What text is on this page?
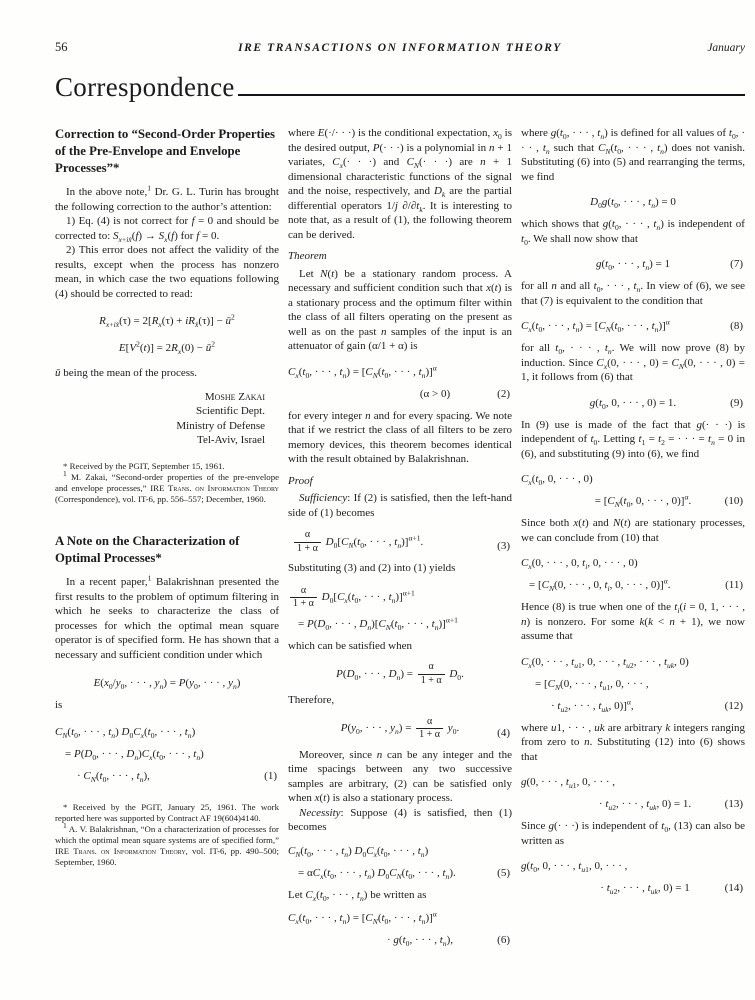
56	IRE TRANSACTIONS ON INFORMATION THEORY	January
Correspondence
Correction to “Second-Order Properties of the Pre-Envelope and Envelope Processes”*

In the above note,$^1$ Dr. G. L. Turin has brought the following correction to the author’s attention:

1) Eq. (4) is not correct for f = 0 and should be corrected to: $S_{x+ix̂}(f) \to S_x(f)$ for f = 0.

2) This error does not affect the validity of the results, except when the process has nonzero mean, in which case the two equations following (4) should be corrected to read:

$R_{x+ix̂}(\tau) = 2[R_x(\tau) + iR_{x̂}(\tau)]$ − $ū^2$
$E[V^2(t)] = 2R_x(0)$ − $ū^2$

ū being the mean of the process.

Moshe Zakai
Scientific Dept.
Ministry of Defense
Tel-Aviv, Israel
* Received by the PGIT, September 15, 1961.
$^1$ M. Zakai, “Second-order properties of the pre-envelope and envelope processes,” IRE Trans. on Information Theory (Correspondence), vol. IT-6, pp. 556–557; December, 1960.
A Note on the Characterization of Optimal Processes*

In a recent paper,$^1$ Balakrishnan presented the first results to the problem of optimum filtering in which he seeks to characterize the class of processes for which the optimal mean square operator is of specified form. He has shown that a necessary and sufficient condition under which

$E(x_0/y_0$, · · · , $y_n) = P(y_0$, · · · , $y_n$)

is

$C_N(t_0$, · · · , $t_n$) $D_0C_x(t_0$, · · · , $t_n$)
= $P(D_0$, · · · , $D_n)C_x(t_0$, · · · , $t_n$)
· $C_N(t_0$, · · · , $t_n$),	(1)
* Received by the PGIT, January 25, 1961. The work reported here was supported by Contract AF 19(604)4140.
$^1$ A. V. Balakrishnan, “On a characterization of processes for which the optimal mean square systems are of specified form,” IRE Trans. on Information Theory, vol. IT-6, pp. 490–500; September, 1960.

where E(·/· · ·) is the conditional expectation, $x_0$ is the desired output, P(· · ·) is a polynomial in n + 1 variates, $C_x(\cdot$ · ·) and $C_N(\cdot$ · ·) are n + 1 dimensional characteristic functions of the signal and the noise, respectively, and $D_k$ are the partial differential operators 1/j $\partial/\partial t_k$. It is interesting to note that, as a result of (1), the following theorem can be derived.

Theorem

Let N(t) be a stationary random process. A necessary and sufficient condition such that x(t) is a stationary process and the optimum filter within the class of all filters operating on the present as well as on the past n samples of the input is an attenuator of gain (α/1 + α) is

$C_x(t_0$, · · · , $t_n) = [C_N(t_0$, · · · , $t_n)]^\alpha$
(α > 0)	(2)

for every integer n and for every spacing. We note that if we restrict the class of all filters to be zero memory devices, this theorem becomes identical with the result obtained by Balakrishnan.

Proof

Sufficiency: If (2) is satisfied, then the left-hand side of (1) becomes

$\frac{\alpha}{1 + \alpha} D_0[C_N(t_0$, · · · , $t_n)]^{\alpha+1}$.	(3)

Substituting (3) and (2) into (1) yields

$\frac{\alpha}{1 + \alpha} D_0[C_x(t_0$, · · · , $t_n)]^{\alpha+1}$
= $P(D_0$, · · · , $D_n)[C_N(t_0$, · · · , $t_n)]^{\alpha+1}$

which can be satisfied when

$P(D_0$, · · · , $D_n) = \frac{\alpha}{1 + \alpha} D_0$.

Therefore,

$P(y_0$, · · · , $y_n) = \frac{\alpha}{1 + \alpha} y_0$.	(4)

Moreover, since n can be any integer and the time spacings between any two successive samples are arbitrary, (2) can be satisfied only when x(t) is also a stationary process.

Necessity: Suppose (4) is satisfied, then (1) becomes

$C_N(t_0$, · · · , $t_n$) $D_0C_x(t_0$, · · · , $t_n$)
= $\alpha C_x(t_0$, · · · , $t_n$) $D_0C_N(t_0$, · · · , $t_n$).	(5)

Let $C_x(t_0$, · · · , $t_n$) be written as

$C_x(t_0$, · · · , $t_n) = [C_N(t_0$, · · · , $t_n)]^\alpha$
· $g(t_0$, · · · , $t_n$),	(6)

where $g(t_0$, · · · , $t_n$) is defined for all values of $t_0$, · · · , $t_n$ such that $C_N(t_0$, · · · , $t_n$) does not vanish. Substituting (6) into (5) and rearranging the terms, we find

$D_0g(t_0$, · · · , $t_n) = 0$

which shows that $g(t_0$, · · · , $t_n$) is independent of $t_0$. We shall now show that

$g(t_0$, · · · , $t_n) = 1$	(7)

for all n and all $t_0$, · · · , $t_n$. In view of (6), we see that (7) is equivalent to the condition that

$C_x(t_0$, · · · , $t_n) = [C_N(t_0$, · · · , $t_n)]^\alpha$	(8)

for all $t_0$, · · · , $t_n$. We will now prove (8) by induction. Since $C_x(0$, · · · , $0) = C_N(0$, · · · , 0) = 1, it follows from (6) that

$g(t_0$, 0, · · · , 0) = 1.	(9)

In (9) use is made of the fact that g(· · ·) is independent of $t_0$. Letting $t_1 = t_2$ = · · · = $t_n = 0$ in (6), and substituting (9) into (6), we find

$C_x(t_0$, 0, · · · , 0)
= [$C_N(t_0$, 0, · · · , 0)]$^\alpha$.	(10)

Since both x(t) and N(t) are stationary processes, we can conclude from (10) that

$C_x(0$, · · · , 0, $t_i$, 0, · · · , 0)
= [$C_N(0$, · · · , 0, $t_i$, 0, · · · , 0)]$^\alpha$.	(11)

Hence (8) is true when one of the $t_i(i = 0$, 1, · · · , n) is nonzero. For some k(k < n + 1), we now assume that

$C_x(0$, · · · , $t_{u1}$, 0, · · · , $t_{u2}$, · · · , $t_{uk}$, 0)
= [$C_N(0$, · · · , $t_{u1}$, 0, · · · ,
· $t_{u2}$, · · · , $t_{uk}$, 0)]$^\alpha$,	(12)

where u1, · · · , uk are arbitrary k integers ranging from zero to n. Substituting (12) into (6) shows that

g(0, · · · , $t_{u1}$, 0, · · · ,
· $t_{u2}$, · · · , $t_{uk}$, 0) = 1.	(13)

Since g(· · ·) is independent of $t_0$, (13) can also be written as

$g(t_0$, 0, · · · , $t_{u1}$, 0, · · · ,
· $t_{u2}$, · · · , $t_{uk}$, 0) = 1	(14)
